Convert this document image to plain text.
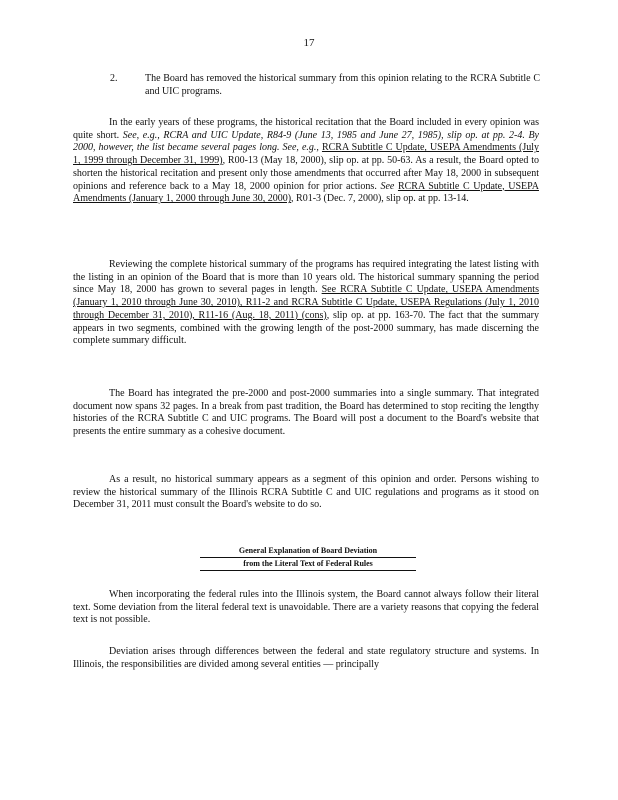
17
2.	The Board has removed the historical summary from this opinion relating to the RCRA Subtitle C and UIC programs.
In the early years of these programs, the historical recitation that the Board included in every opinion was quite short. See, e.g., RCRA and UIC Update, R84-9 (June 13, 1985 and June 27, 1985), slip op. at pp. 2-4. By 2000, however, the list became several pages long. See, e.g., RCRA Subtitle C Update, USEPA Amendments (July 1, 1999 through December 31, 1999), R00-13 (May 18, 2000), slip op. at pp. 50-63. As a result, the Board opted to shorten the historical recitation and present only those amendments that occurred after May 18, 2000 in subsequent opinions and reference back to a May 18, 2000 opinion for prior actions. See RCRA Subtitle C Update, USEPA Amendments (January 1, 2000 through June 30, 2000), R01-3 (Dec. 7, 2000), slip op. at pp. 13-14.
Reviewing the complete historical summary of the programs has required integrating the latest listing with the listing in an opinion of the Board that is more than 10 years old. The historical summary spanning the period since May 18, 2000 has grown to several pages in length. See RCRA Subtitle C Update, USEPA Amendments (January 1, 2010 through June 30, 2010), R11-2 and RCRA Subtitle C Update, USEPA Regulations (July 1, 2010 through December 31, 2010), R11-16 (Aug. 18, 2011) (cons), slip op. at pp. 163-70. The fact that the summary appears in two segments, combined with the growing length of the post-2000 summary, has made discerning the complete summary difficult.
The Board has integrated the pre-2000 and post-2000 summaries into a single summary. That integrated document now spans 32 pages. In a break from past tradition, the Board has determined to stop reciting the lengthy histories of the RCRA Subtitle C and UIC programs. The Board will post a document to the Board's website that presents the entire summary as a cohesive document.
As a result, no historical summary appears as a segment of this opinion and order. Persons wishing to review the historical summary of the Illinois RCRA Subtitle C and UIC regulations and programs as it stood on December 31, 2011 must consult the Board's website to do so.
General Explanation of Board Deviation
from the Literal Text of Federal Rules
When incorporating the federal rules into the Illinois system, the Board cannot always follow their literal text. Some deviation from the literal federal text is unavoidable. There are a variety reasons that copying the federal text is not possible.
Deviation arises through differences between the federal and state regulatory structure and systems. In Illinois, the responsibilities are divided among several entities — principally
